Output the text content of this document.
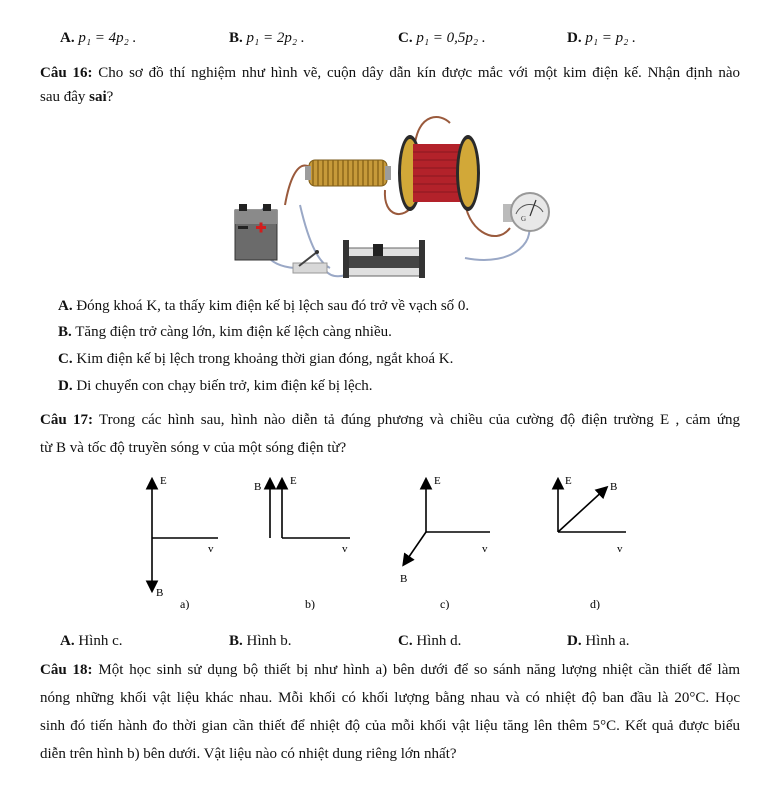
A. p₁ = 4p₂ .	B. p₁ = 2p₂ .	C. p₁ = 0,5p₂ .	D. p₁ = p₂ .
Câu 16: Cho sơ đồ thí nghiệm như hình vẽ, cuộn dây dẫn kín được mắc với một kim điện kế. Nhận định nào
sau đây sai?
G
A. Đóng khoá K, ta thấy kim điện kế bị lệch sau đó trở về vạch số 0.
B. Tăng điện trở càng lớn, kim điện kế lệch càng nhiều.
C. Kim điện kế bị lệch trong khoảng thời gian đóng, ngắt khoá K.
D. Di chuyển con chạy biến trở, kim điện kế bị lệch.
Câu 17: Trong các hình sau, hình nào diễn tả đúng phương và chiều của cường độ điện trường E , cảm ứng
từ B và tốc độ truyền sóng v của một sóng điện từ?
E
B
v
B	E
v
E
v
B
E	B
v
a)	b)	c)	d)
A. Hình c.	B. Hình b.	C. Hình d.	D. Hình a.
Câu 18: Một học sinh sử dụng bộ thiết bị như hình a) bên dưới để so sánh năng lượng nhiệt cần thiết để làm
nóng những khối vật liệu khác nhau. Mỗi khối có khối lượng bằng nhau và có nhiệt độ ban đầu là 20°C. Học
sinh đó tiến hành đo thời gian cần thiết để nhiệt độ của mỗi khối vật liệu tăng lên thêm 5°C. Kết quả được biểu
diễn trên hình b) bên dưới. Vật liệu nào có nhiệt dung riêng lớn nhất?
